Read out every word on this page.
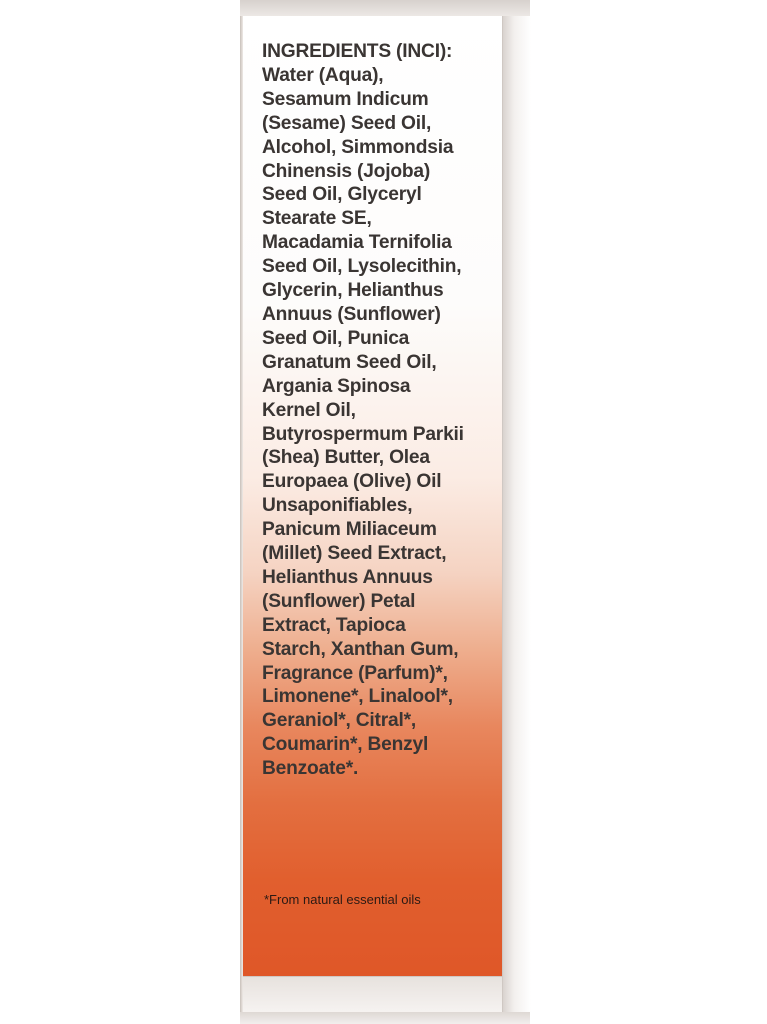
INGREDIENTS (INCI):

Water (Aqua),
Sesamum Indicum
(Sesame) Seed Oil,
Alcohol, Simmondsia
Chinensis (Jojoba)
Seed Oil, Glyceryl
Stearate SE,
Macadamia Ternifolia
Seed Oil, Lysolecithin,
Glycerin, Helianthus
Annuus (Sunflower)
Seed Oil, Punica
Granatum Seed Oil,
Argania Spinosa
Kernel Oil,
Butyrospermum Parkii
(Shea) Butter, Olea
Europaea (Olive) Oil
Unsaponifiables,
Panicum Miliaceum
(Millet) Seed Extract,
Helianthus Annuus
(Sunflower) Petal
Extract, Tapioca
Starch, Xanthan Gum,
Fragrance (Parfum)*,
Limonene*, Linalool*,
Geraniol*, Citral*,
Coumarin*, Benzyl
Benzoate*.

*From natural essential oils
